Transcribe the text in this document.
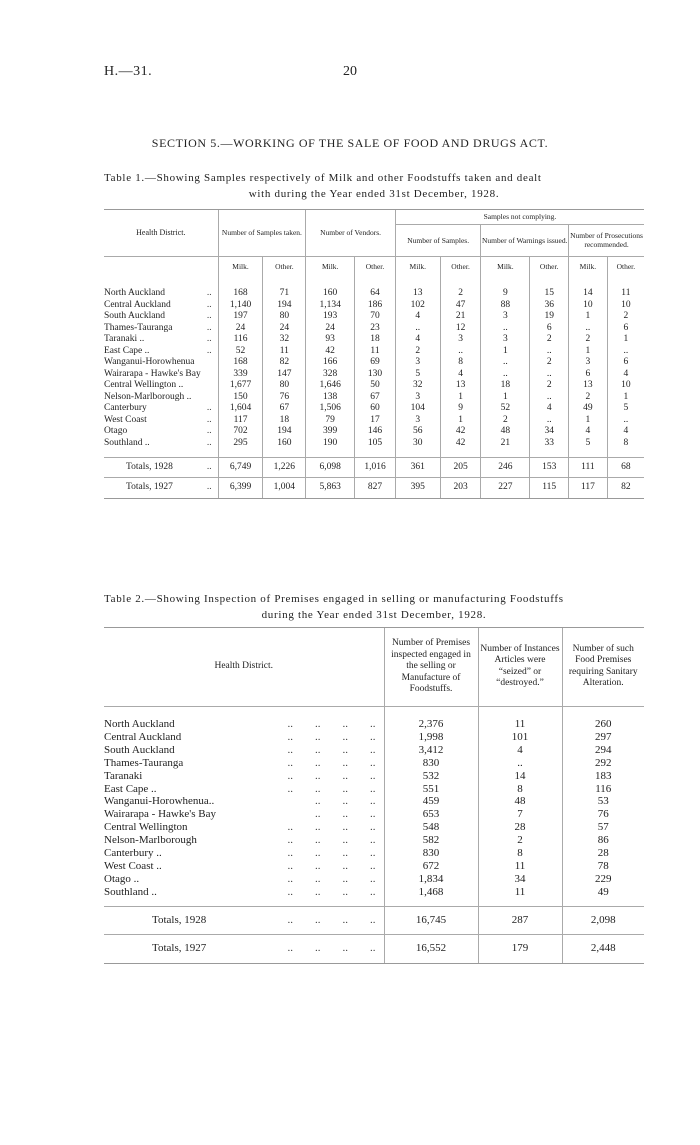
H.—31.	20
SECTION 5.—WORKING OF THE SALE OF FOOD AND DRUGS ACT.
Table 1.—Showing Samples respectively of Milk and other Foodstuffs taken and dealt
with during the Year ended 31st December, 1928.
Health District.	Number of Samples taken.		Number of Vendors.		Samples not complying.					
					Number of Samples.		Number of Warnings issued.		Number of Prosecutions recommended.	
	Milk.	Other.	Milk.	Other.	Milk.	Other.	Milk.	Other.	Milk.	Other.

North Auckland ..	168	71	160	64	13	2	9	15	14	11
Central Auckland ..	1,140	194	1,134	186	102	47	88	36	10	10
South Auckland ..	197	80	193	70	4	21	3	19	1	2
Thames-Tauranga ..	24	24	24	23	..	12	..	6	..	6
Taranaki .. ..	116	32	93	18	4	3	3	2	2	1
East Cape .. ..	52	11	42	11	2	..	1	..	1	..
Wanganui-Horowhenua	168	82	166	69	3	8	..	2	3	6
Wairarapa - Hawke's Bay	339	147	328	130	5	4	..	..	6	4
Central Wellington ..	1,677	80	1,646	50	32	13	18	2	13	10
Nelson-Marlborough ..	150	76	138	67	3	1	1	..	2	1
Canterbury ..	1,604	67	1,506	60	104	9	52	4	49	5
West Coast ..	117	18	79	17	3	1	2	..	1	..
Otago ..	702	194	399	146	56	42	48	34	4	4
Southland .. ..	295	160	190	105	30	42	21	33	5	8

Totals, 1928 ..	6,749	1,226	6,098	1,016	361	205	246	153	111	68
Totals, 1927 ..	6,399	1,004	5,863	827	395	203	227	115	117	82
Table 2.—Showing Inspection of Premises engaged in selling or manufacturing Foodstuffs
during the Year ended 31st December, 1928.
Health District.	Number of Premises inspected engaged in the selling or Manufacture of Foodstuffs.	Number of Instances Articles were “seized” or “destroyed.”	Number of such Food Premises requiring Sanitary Alteration.

North Auckland ..        ..        ..        ..	2,376	11	260
Central Auckland ..        ..        ..        ..	1,998	101	297
South Auckland ..        ..        ..        ..	3,412	4	294
Thames-Tauranga ..        ..        ..        ..	830	..	292
Taranaki ..        ..        ..        ..	532	14	183
East Cape .. ..        ..        ..        ..	551	8	116
Wanganui-Horowhenua.. ..        ..        ..	459	48	53
Wairarapa - Hawke's Bay ..        ..        ..	653	7	76
Central Wellington ..        ..        ..        ..	548	28	57
Nelson-Marlborough ..        ..        ..        ..	582	2	86
Canterbury .. ..        ..        ..        ..	830	8	28
West Coast .. ..        ..        ..        ..	672	11	78
Otago .. ..        ..        ..        ..	1,834	34	229
Southland .. ..        ..        ..        ..	1,468	11	49

Totals, 1928 ..        ..        ..        ..	16,745	287	2,098
Totals, 1927 ..        ..        ..        ..	16,552	179	2,448
